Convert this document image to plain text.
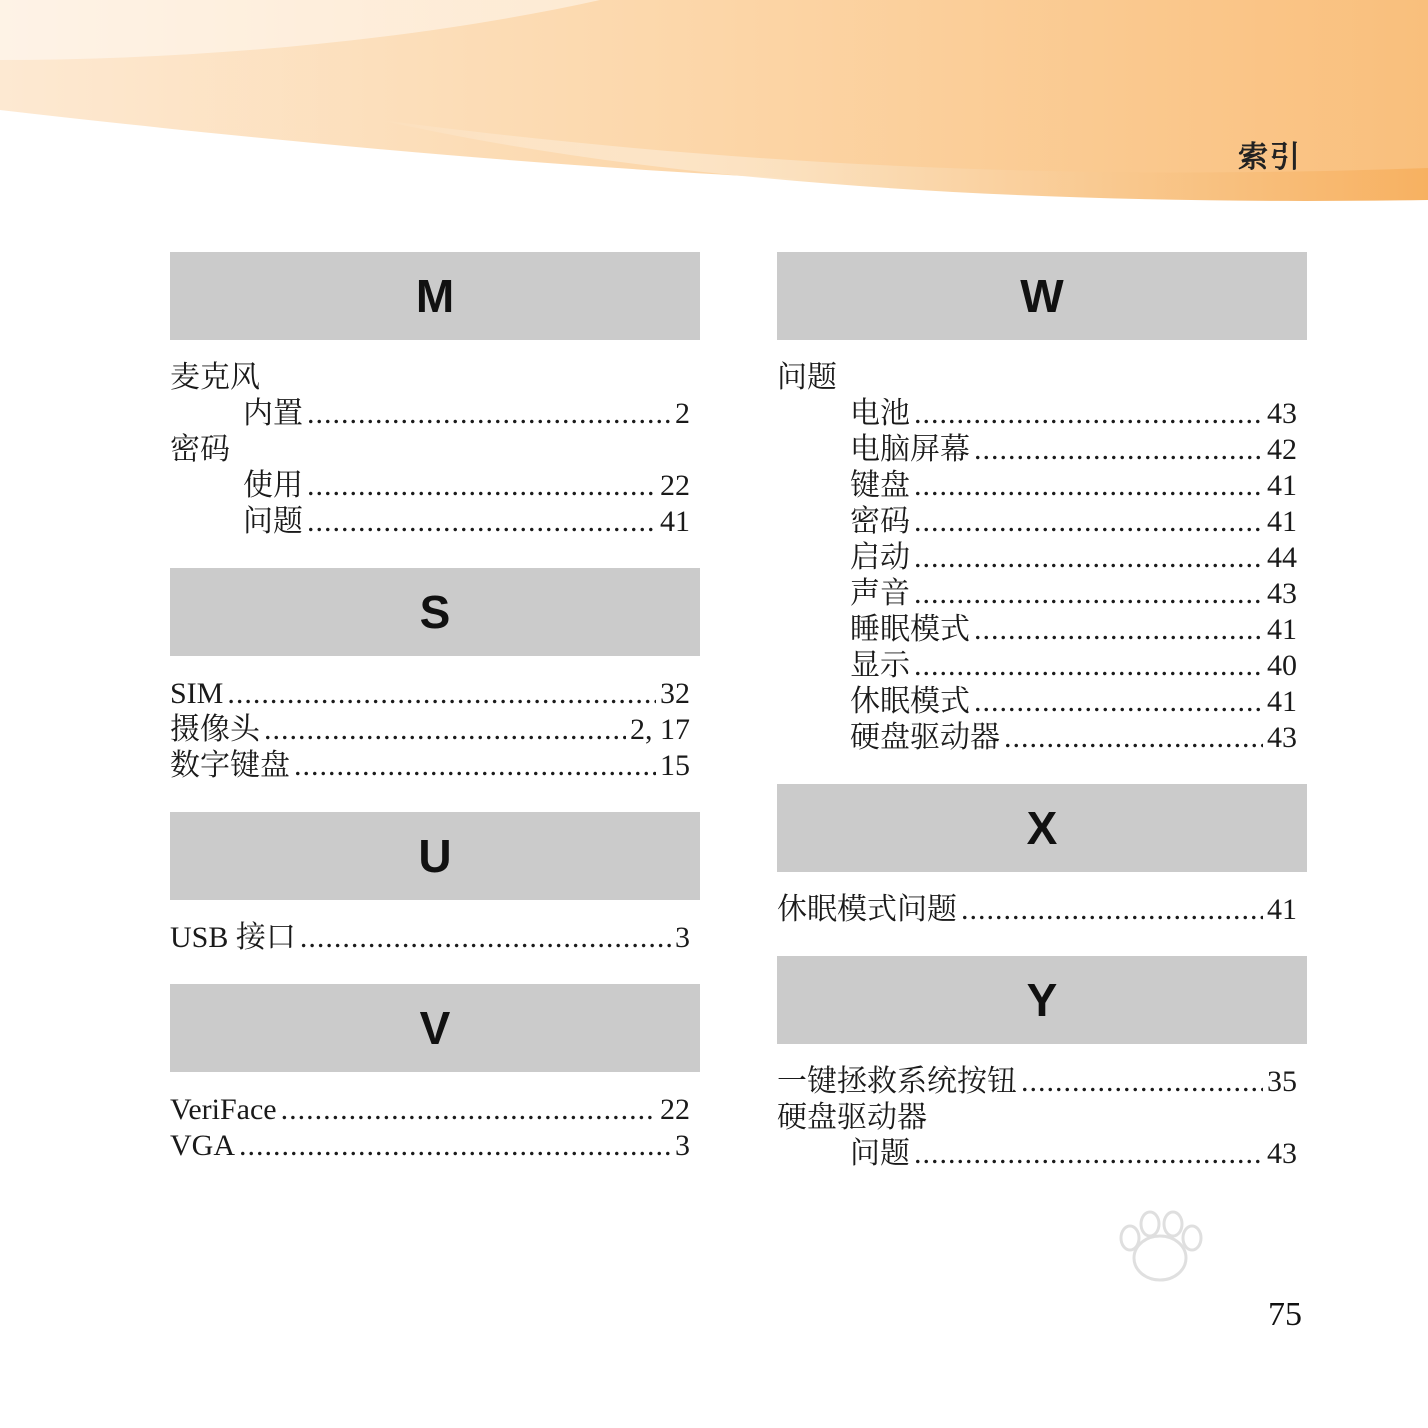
索引
M
麦克风
内置 .....	2
密码
使用 .....	22
问题 .....	41
S
SIM .....	32
摄像头 .....	2, 17
数字键盘 .....	15
U
USB 接口 .....	3
V
VeriFace .....	22
VGA .....	3
W
问题
电池 .....	43
电脑屏幕 .....	42
键盘 .....	41
密码 .....	41
启动 .....	44
声音 .....	43
睡眠模式 .....	41
显示 .....	40
休眠模式 .....	41
硬盘驱动器 .....	43
X
休眠模式问题 .....	41
Y
一键拯救系统按钮 .....	35
硬盘驱动器
问题 .....	43
75
